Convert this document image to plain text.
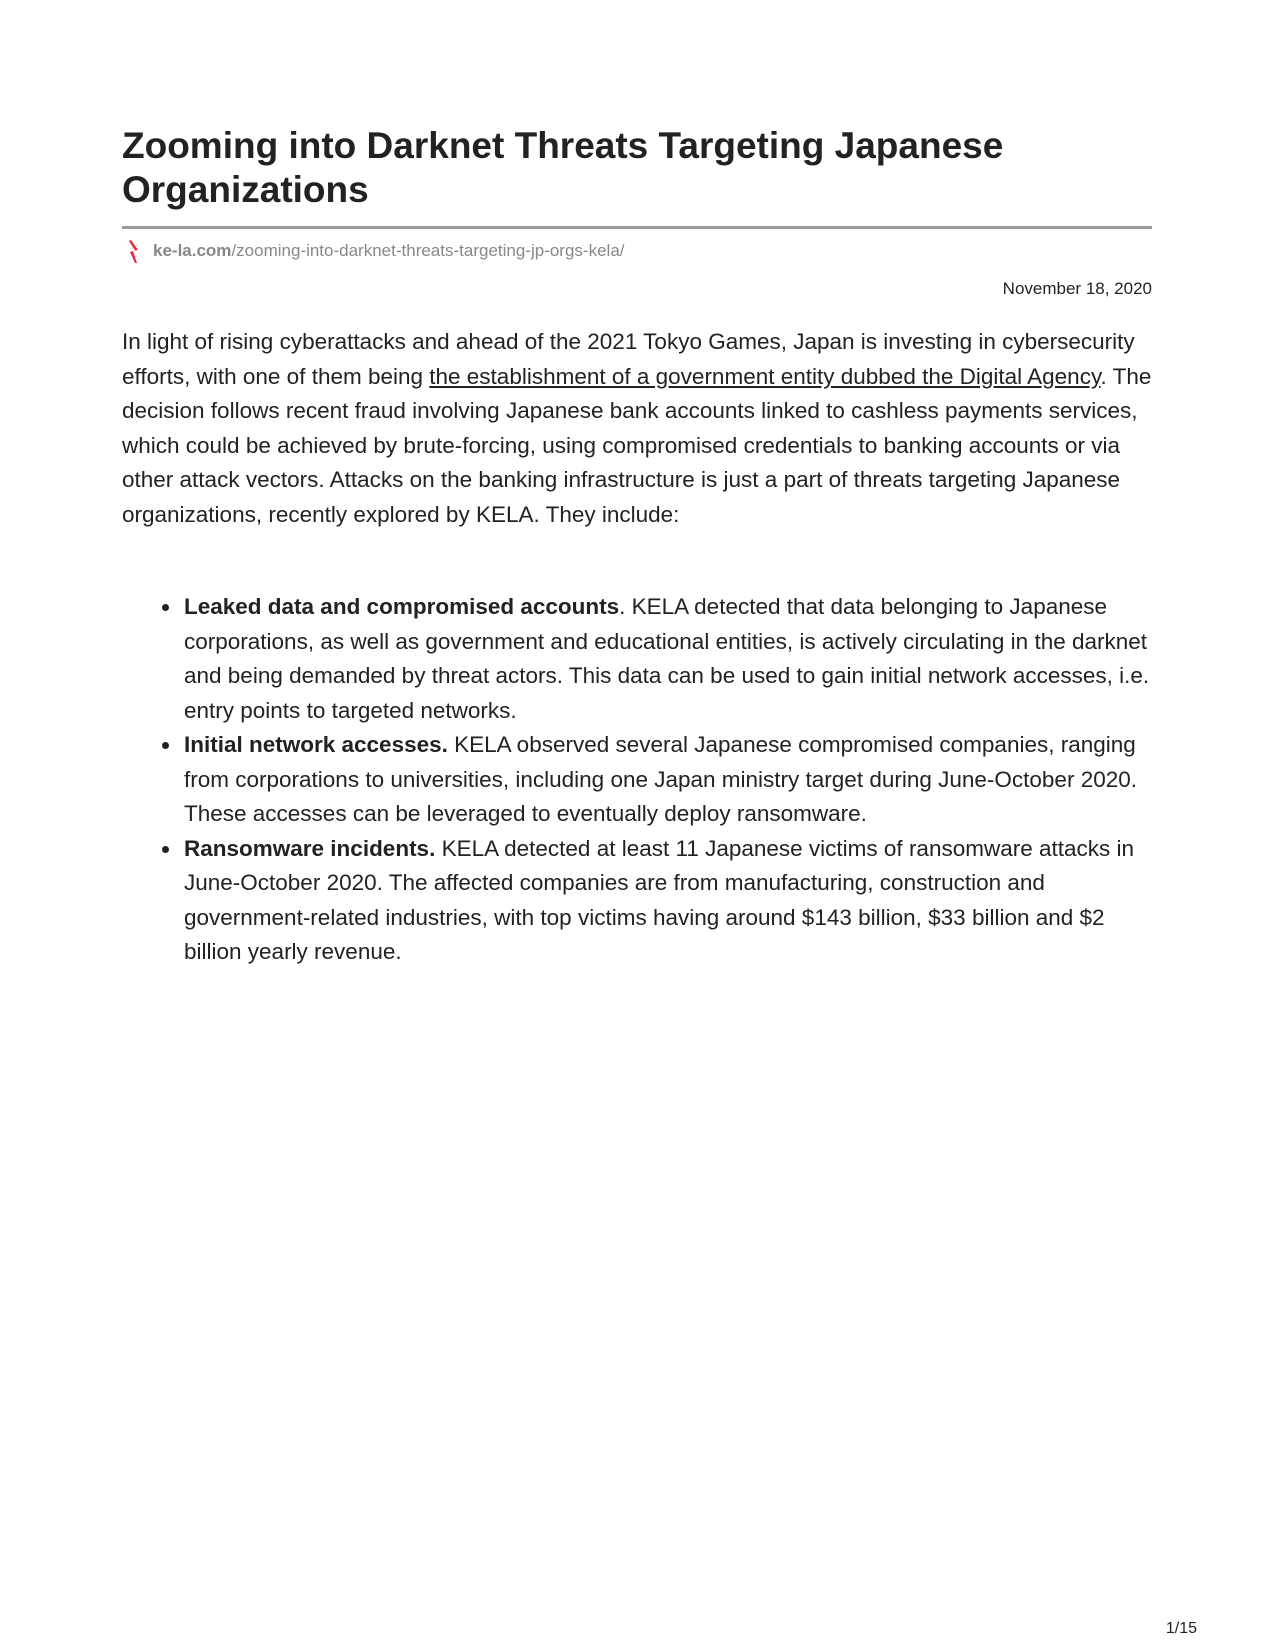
Zooming into Darknet Threats Targeting Japanese Organizations
ke-la.com /zooming-into-darknet-threats-targeting-jp-orgs-kela/

November 18, 2020

In light of rising cyberattacks and ahead of the 2021 Tokyo Games, Japan is investing in cybersecurity efforts, with one of them being the establishment of a government entity dubbed the Digital Agency. The decision follows recent fraud involving Japanese bank accounts linked to cashless payments services, which could be achieved by brute-forcing, using compromised credentials to banking accounts or via other attack vectors. Attacks on the banking infrastructure is just a part of threats targeting Japanese organizations, recently explored by KELA. They include:

Leaked data and compromised accounts. KELA detected that data belonging to Japanese corporations, as well as government and educational entities, is actively circulating in the darknet and being demanded by threat actors. This data can be used to gain initial network accesses, i.e. entry points to targeted networks.
Initial network accesses. KELA observed several Japanese compromised companies, ranging from corporations to universities, including one Japan ministry target during June-October 2020. These accesses can be leveraged to eventually deploy ransomware.
Ransomware incidents. KELA detected at least 11 Japanese victims of ransomware attacks in June-October 2020. The affected companies are from manufacturing, construction and government-related industries, with top victims having around $143 billion, $33 billion and $2 billion yearly revenue.
1/15
